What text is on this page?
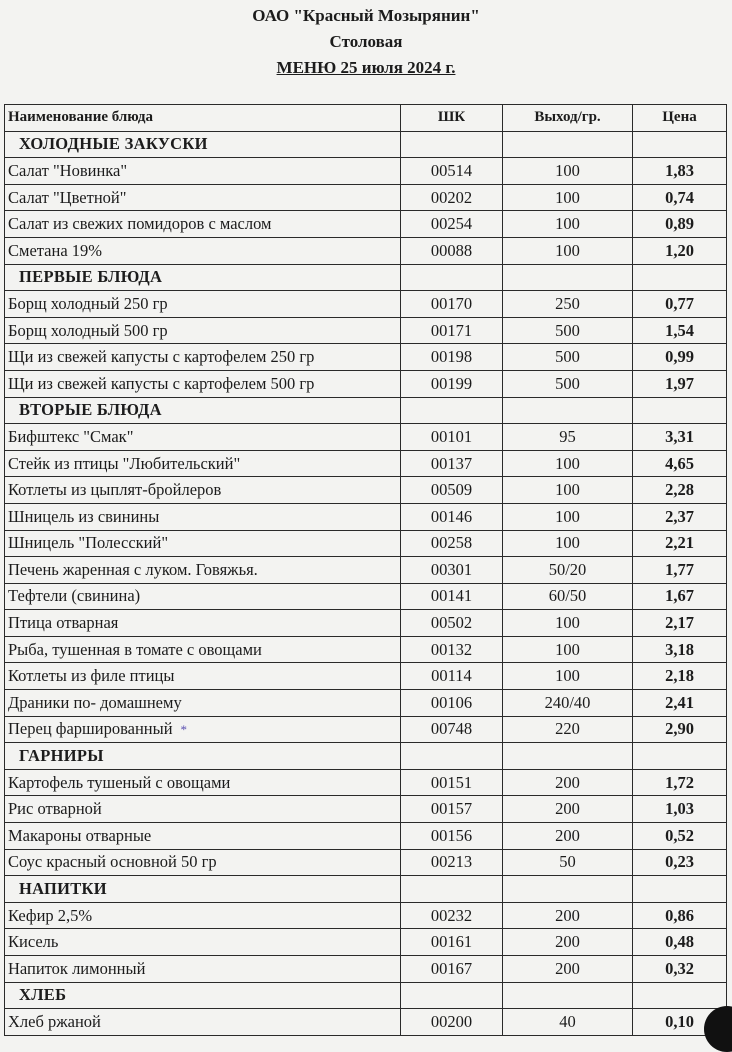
ОАО "Красный Мозырянин"
Столовая
МЕНЮ 25 июля 2024 г.
Наименование блюда	ШК	Выход/гр.	Цена
ХОЛОДНЫЕ ЗАКУСКИ			
Салат "Новинка"	00514	100	1,83
Салат "Цветной"	00202	100	0,74
Салат из свежих помидоров с маслом	00254	100	0,89
Сметана 19%	00088	100	1,20
ПЕРВЫЕ БЛЮДА			
Борщ холодный 250 гр	00170	250	0,77
Борщ холодный 500 гр	00171	500	1,54
Щи из свежей капусты с картофелем 250 гр	00198	500	0,99
Щи из свежей капусты с картофелем 500 гр	00199	500	1,97
ВТОРЫЕ БЛЮДА			
Бифштекс "Смак"	00101	95	3,31
Стейк из птицы "Любительский"	00137	100	4,65
Котлеты из цыплят-бройлеров	00509	100	2,28
Шницель из свинины	00146	100	2,37
Шницель "Полесский"	00258	100	2,21
Печень жаренная с луком. Говяжья.	00301	50/20	1,77
Тефтели (свинина)	00141	60/50	1,67
Птица отварная	00502	100	2,17
Рыба, тушенная в томате с овощами	00132	100	3,18
Котлеты из филе птицы	00114	100	2,18
Драники по- домашнему	00106	240/40	2,41
Перец фаршированный *	00748	220	2,90
ГАРНИРЫ			
Картофель тушеный с овощами	00151	200	1,72
Рис отварной	00157	200	1,03
Макароны отварные	00156	200	0,52
Соус красный основной 50 гр	00213	50	0,23
НАПИТКИ			
Кефир 2,5%	00232	200	0,86
Кисель	00161	200	0,48
Напиток лимонный	00167	200	0,32
ХЛЕБ			
Хлеб ржаной	00200	40	0,10
